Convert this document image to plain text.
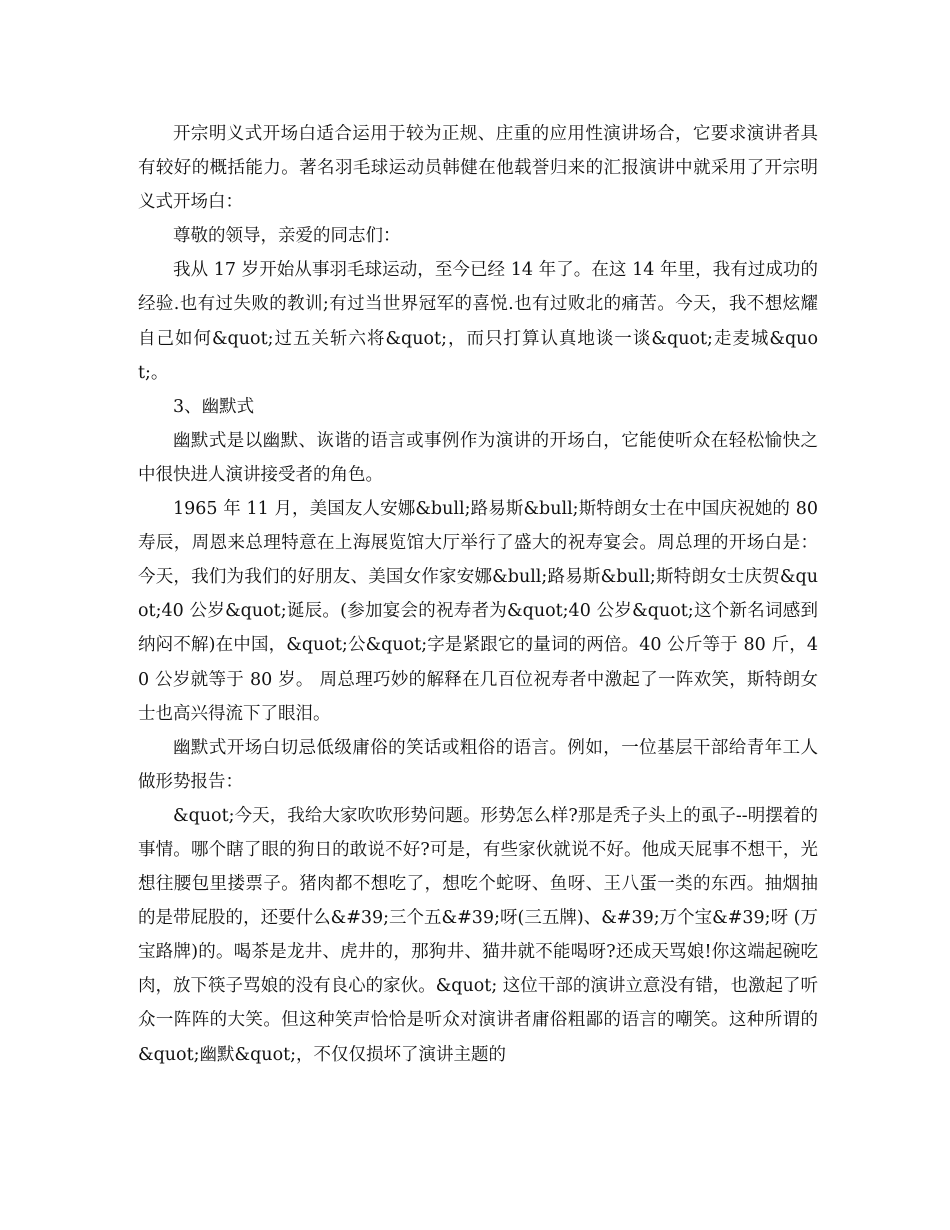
开宗明义式开场白适合运用于较为正规、庄重的应用性演讲场合，它要求演讲者具有较好的概括能力。著名羽毛球运动员韩健在他载誉归来的汇报演讲中就采用了开宗明义式开场白：

尊敬的领导，亲爱的同志们：

我从 17 岁开始从事羽毛球运动，至今已经 14 年了。在这 14 年里，我有过成功的经验.也有过失败的教训;有过当世界冠军的喜悦.也有过败北的痛苦。今天，我不想炫耀自己如何&quot;过五关斩六将&quot;，而只打算认真地谈一谈&quot;走麦城&quot;。

3、幽默式

幽默式是以幽默、诙谐的语言或事例作为演讲的开场白，它能使听众在轻松愉快之中很快进人演讲接受者的角色。

1965 年 11 月，美国友人安娜&bull;路易斯&bull;斯特朗女士在中国庆祝她的 80 寿辰，周恩来总理特意在上海展览馆大厅举行了盛大的祝寿宴会。周总理的开场白是：今天，我们为我们的好朋友、美国女作家安娜&bull;路易斯&bull;斯特朗女士庆贺&quot;40 公岁&quot;诞辰。(参加宴会的祝寿者为&quot;40 公岁&quot;这个新名词感到纳闷不解)在中国，&quot;公&quot;字是紧跟它的量词的两倍。40 公斤等于 80 斤，40 公岁就等于 80 岁。 周总理巧妙的解释在几百位祝寿者中激起了一阵欢笑，斯特朗女士也高兴得流下了眼泪。

幽默式开场白切忌低级庸俗的笑话或粗俗的语言。例如，一位基层干部给青年工人做形势报告：

&quot;今天，我给大家吹吹形势问题。形势怎么样?那是秃子头上的虱子--明摆着的事情。哪个瞎了眼的狗日的敢说不好?可是，有些家伙就说不好。他成天屁事不想干，光想往腰包里搂票子。猪肉都不想吃了，想吃个蛇呀、鱼呀、王八蛋一类的东西。抽烟抽的是带屁股的，还要什么&#39;三个五&#39;呀(三五牌)、&#39;万个宝&#39;呀 (万宝路牌)的。喝茶是龙井、虎井的，那狗井、猫井就不能喝呀?还成天骂娘!你这端起碗吃肉，放下筷子骂娘的没有良心的家伙。&quot; 这位干部的演讲立意没有错，也激起了听众一阵阵的大笑。但这种笑声恰恰是听众对演讲者庸俗粗鄙的语言的嘲笑。这种所谓的&quot;幽默&quot;，不仅仅损坏了演讲主题的
